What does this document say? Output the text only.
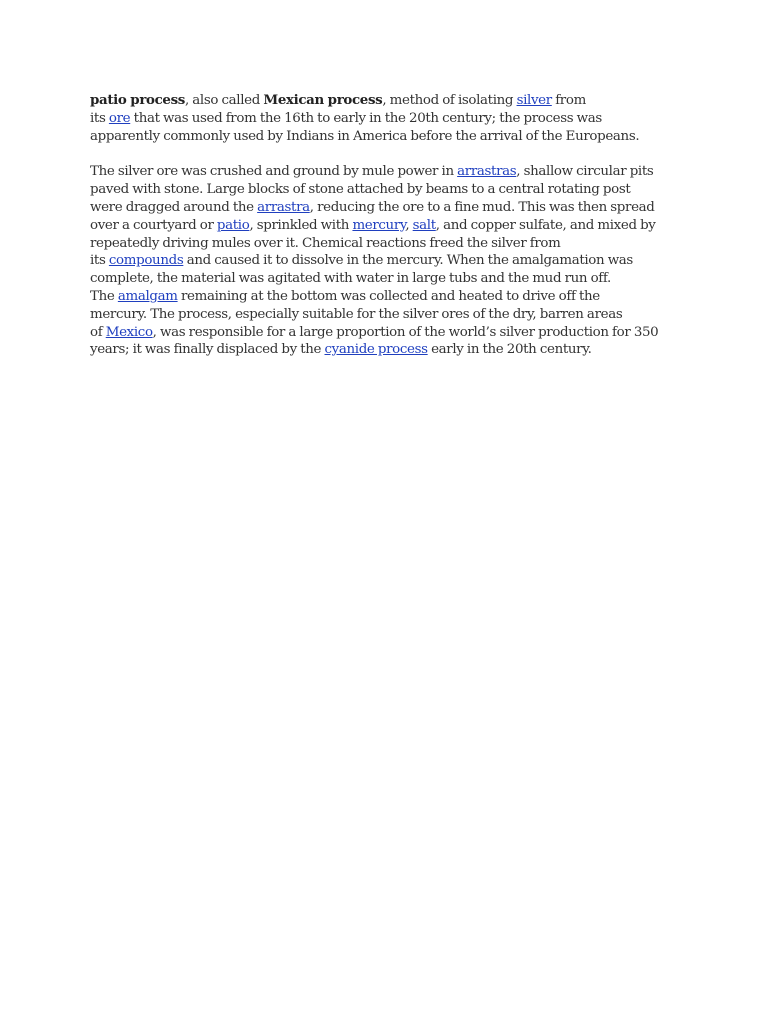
patio process, also called Mexican process, method of isolating silver from
its ore that was used from the 16th to early in the 20th century; the process was
apparently commonly used by Indians in America before the arrival of the Europeans.

The silver ore was crushed and ground by mule power in arrastras, shallow circular pits
paved with stone. Large blocks of stone attached by beams to a central rotating post
were dragged around the arrastra, reducing the ore to a fine mud. This was then spread
over a courtyard or patio, sprinkled with mercury, salt, and copper sulfate, and mixed by
repeatedly driving mules over it. Chemical reactions freed the silver from
its compounds and caused it to dissolve in the mercury. When the amalgamation was
complete, the material was agitated with water in large tubs and the mud run off.
The amalgam remaining at the bottom was collected and heated to drive off the
mercury. The process, especially suitable for the silver ores of the dry, barren areas
of Mexico, was responsible for a large proportion of the world’s silver production for 350
years; it was finally displaced by the cyanide process early in the 20th century.
